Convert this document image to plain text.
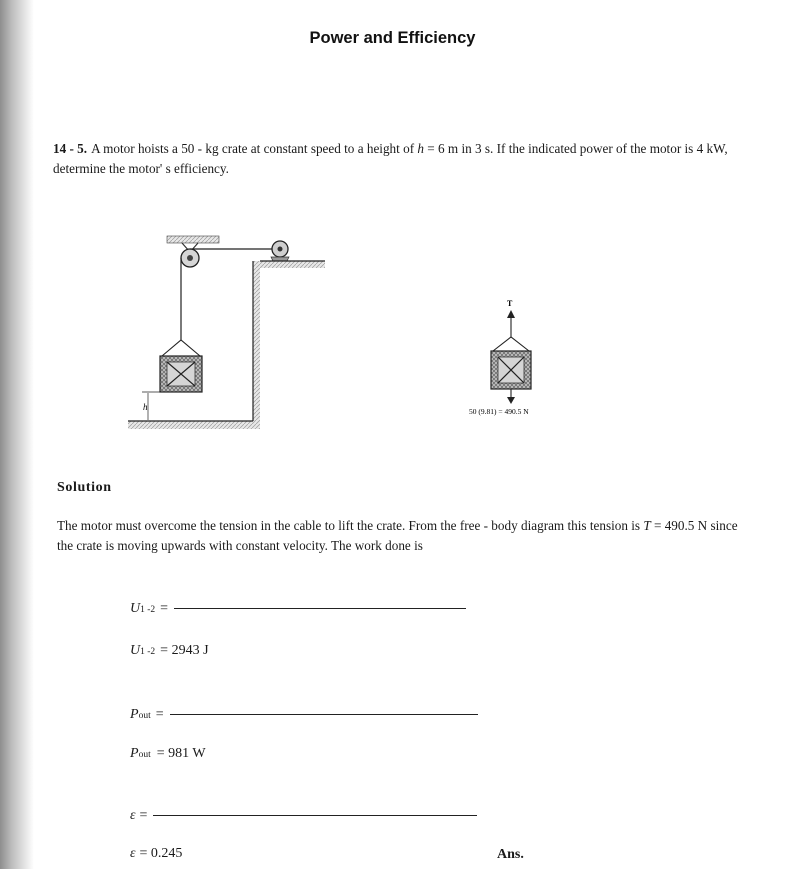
Power and Efficiency
14 - 5. A motor hoists a 50 - kg crate at constant speed to a height of h = 6 m in 3 s. If the indicated power of the motor is 4 kW, determine the motor' s efficiency.
h
T
50 (9.81) = 490.5 N
Solution
The motor must overcome the tension in the cable to lift the crate. From the free - body diagram this tension is T = 490.5 N since the crate is moving upwards with constant velocity. The work done is
U 1 -2 =
U 1 -2 = 2943 J
P out =
P out = 981 W
ε =
ε = 0.245	Ans.
